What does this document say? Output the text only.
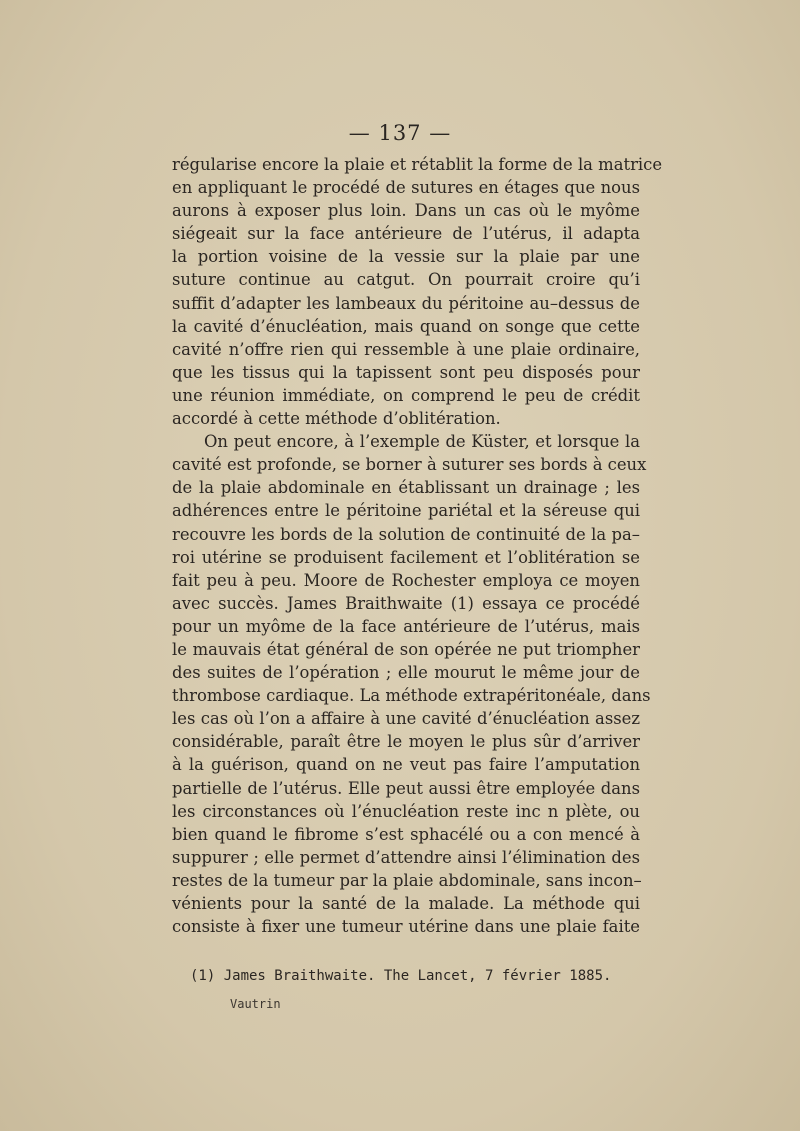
— 137 —
régularise encore la plaie et rétablit la forme de la matrice
en appliquant le procédé de sutures en étages que nous
aurons à exposer plus loin. Dans un cas où le myôme
siégeait sur la face antérieure de l’utérus, il adapta
la portion voisine de la vessie sur la plaie par une
suture continue au catgut. On pourrait croire qu’i
suffit d’adapter les lambeaux du péritoine au–dessus de
la cavité d’énucléation, mais quand on songe que cette
cavité n’offre rien qui ressemble à une plaie ordinaire,
que les tissus qui la tapissent sont peu disposés pour
une réunion immédiate, on comprend le peu de crédit
accordé à cette méthode d’oblitération.
On peut encore, à l’exemple de Küster, et lorsque la
cavité est profonde, se borner à suturer ses bords à ceux
de la plaie abdominale en établissant un drainage ; les
adhérences entre le péritoine pariétal et la séreuse qui
recouvre les bords de la solution de continuité de la pa–
roi utérine se produisent facilement et l’oblitération se
fait peu à peu. Moore de Rochester employa ce moyen
avec succès. James Braithwaite (1) essaya ce procédé
pour un myôme de la face antérieure de l’utérus, mais
le mauvais état général de son opérée ne put triompher
des suites de l’opération ; elle mourut le même jour de
thrombose cardiaque. La méthode extrapéritonéale, dans
les cas où l’on a affaire à une cavité d’énucléation assez
considérable, paraît être le moyen le plus sûr d’arriver
à la guérison, quand on ne veut pas faire l’amputation
partielle de l’utérus. Elle peut aussi être employée dans
les circonstances où l’énucléation reste inc n plète, ou
bien quand le fibrome s’est sphacélé ou a con mencé à
suppurer ; elle permet d’attendre ainsi l’élimination des
restes de la tumeur par la plaie abdominale, sans incon–
vénients pour la santé de la malade. La méthode qui
consiste à fixer une tumeur utérine dans une plaie faite
(1) James Braithwaite. The Lancet, 7 février 1885.
Vautrin
